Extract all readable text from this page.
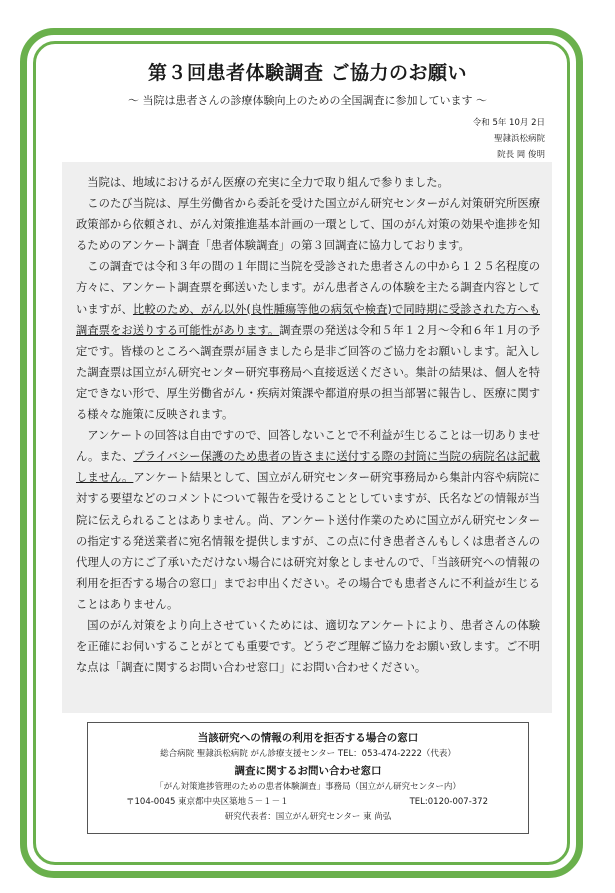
第３回患者体験調査 ご協力のお願い
～ 当院は患者さんの診療体験向上のための全国調査に参加しています ～
令和 5年 10月 2日
聖隷浜松病院
院長 岡 俊明

当院は、地域におけるがん医療の充実に全力で取り組んで参りました。

このたび当院は、厚生労働省から委託を受けた国立がん研究センターがん対策研究所医療政策部から依頼され、がん対策推進基本計画の一環として、国のがん対策の効果や進捗を知るためのアンケート調査「患者体験調査」の第３回調査に協力しております。

この調査では令和３年の間の１年間に当院を受診された患者さんの中から１２５名程度の方々に、アンケート調査票を郵送いたします。がん患者さんの体験を主たる調査内容としていますが、比較のため、がん以外(良性腫瘍等他の病気や検査)で同時期に受診された方へも調査票をお送りする可能性があります。調査票の発送は令和５年１２月～令和６年１月の予定です。皆様のところへ調査票が届きましたら是非ご回答のご協力をお願いします。記入した調査票は国立がん研究センター研究事務局へ直接返送ください。集計の結果は、個人を特定できない形で、厚生労働省がん・疾病対策課や都道府県の担当部署に報告し、医療に関する様々な施策に反映されます。

アンケートの回答は自由ですので、回答しないことで不利益が生じることは一切ありません。また、プライバシー保護のため患者の皆さまに送付する際の封筒に当院の病院名は記載しません。アンケート結果として、国立がん研究センター研究事務局から集計内容や病院に対する要望などのコメントについて報告を受けることとしていますが、氏名などの情報が当院に伝えられることはありません。尚、アンケート送付作業のために国立がん研究センターの指定する発送業者に宛名情報を提供しますが、この点に付き患者さんもしくは患者さんの代理人の方にご了承いただけない場合には研究対象としませんので、「当該研究への情報の利用を拒否する場合の窓口」までお申出ください。その場合でも患者さんに不利益が生じることはありません。

国のがん対策をより向上させていくためには、適切なアンケートにより、患者さんの体験を正確にお伺いすることがとても重要です。どうぞご理解ご協力をお願い致します。ご不明な点は「調査に関するお問い合わせ窓口」にお問い合わせください。

当該研究への情報の利用を拒否する場合の窓口
総合病院 聖隷浜松病院 がん診療支援センター TEL：053-474-2222（代表）
調査に関するお問い合わせ窓口
「がん対策進捗管理のための患者体験調査」事務局（国立がん研究センター内）
〒104-0045 東京都中央区築地５－１－１	TEL:0120-007-372
研究代表者：国立がん研究センター 東 尚弘
